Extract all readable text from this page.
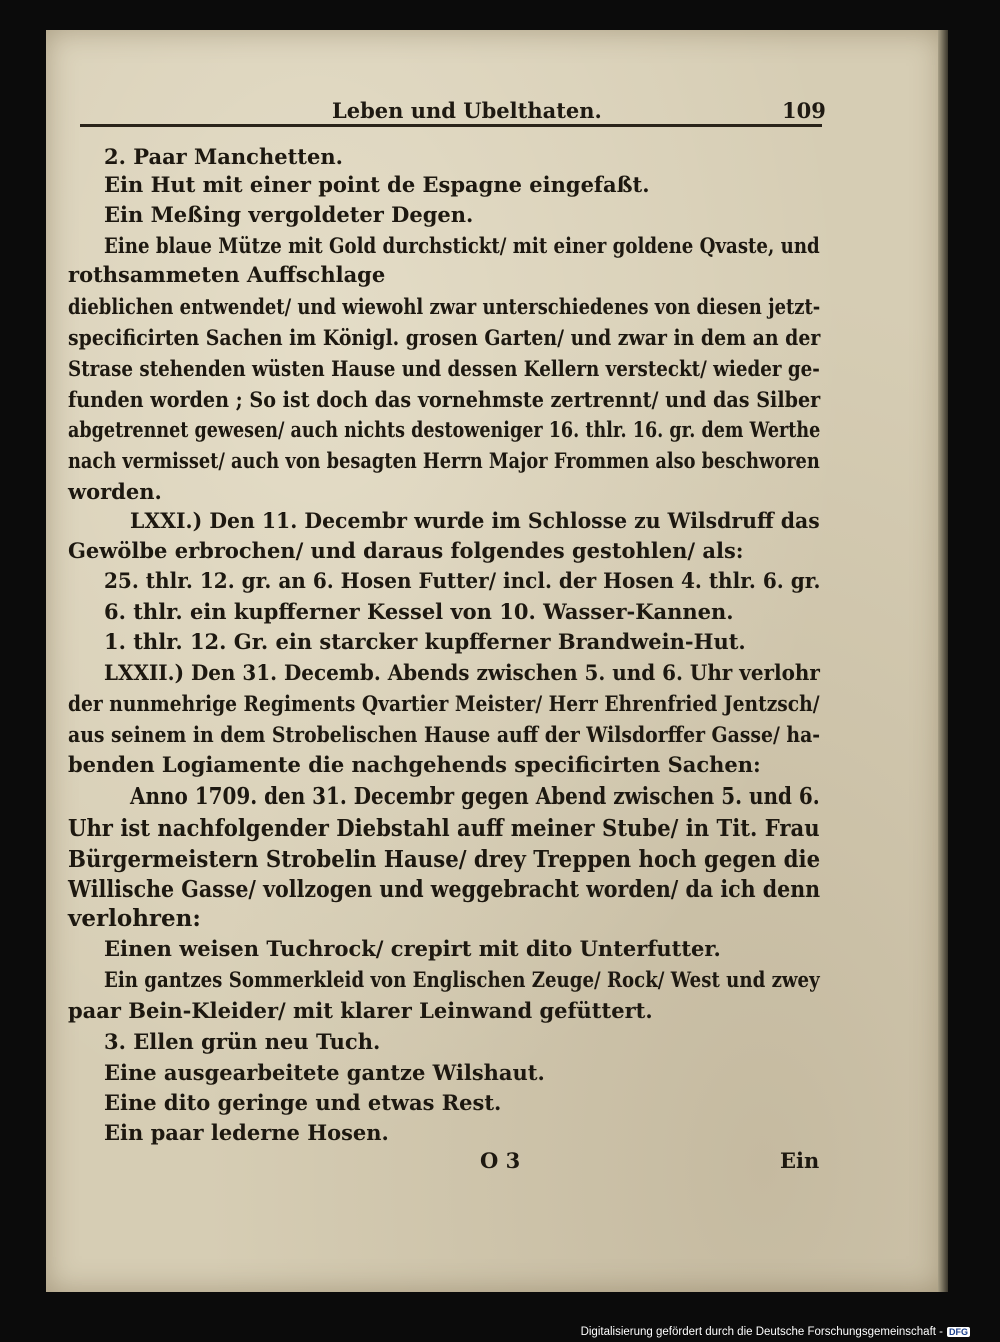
Leben und Ubelthaten.	109
2. Paar Manchetten.
Ein Hut mit einer point de Espagne eingefaßt.
Ein Meßing vergoldeter Degen.
Eine blaue Mütze mit Gold durchstickt/ mit einer goldene Qvaste, und
rothsammeten Auffschlage
dieblichen entwendet/ und wiewohl zwar unterschiedenes von diesen jetzt-
specificirten Sachen im Königl. grosen Garten/ und zwar in dem an der
Strase stehenden wüsten Hause und dessen Kellern versteckt/ wieder ge-
funden worden ; So ist doch das vornehmste zertrennt/ und das Silber
abgetrennet gewesen/ auch nichts destoweniger 16. thlr. 16. gr. dem Werthe
nach vermisset/ auch von besagten Herrn Major Frommen also beschworen
worden.
LXXI.) Den 11. Decembr wurde im Schlosse zu Wilsdruff das
Gewölbe erbrochen/ und daraus folgendes gestohlen/ als:
25. thlr. 12. gr. an 6. Hosen Futter/ incl. der Hosen 4. thlr. 6. gr.
6. thlr. ein kupfferner Kessel von 10. Wasser-Kannen.
1. thlr. 12. Gr. ein starcker kupfferner Brandwein-Hut.
LXXII.) Den 31. Decemb. Abends zwischen 5. und 6. Uhr verlohr
der nunmehrige Regiments Qvartier Meister/ Herr Ehrenfried Jentzsch/
aus seinem in dem Strobelischen Hause auff der Wilsdorffer Gasse/ ha-
benden Logiamente die nachgehends specificirten Sachen:
Anno 1709. den 31. Decembr gegen Abend zwischen 5. und 6.
Uhr ist nachfolgender Diebstahl auff meiner Stube/ in Tit. Frau
Bürgermeistern Strobelin Hause/ drey Treppen hoch gegen die
Willische Gasse/ vollzogen und weggebracht worden/ da ich denn
verlohren:
Einen weisen Tuchrock/ crepirt mit dito Unterfutter.
Ein gantzes Sommerkleid von Englischen Zeuge/ Rock/ West und zwey
paar Bein-Kleider/ mit klarer Leinwand gefüttert.
3. Ellen grün neu Tuch.
Eine ausgearbeitete gantze Wilshaut.
Eine dito geringe und etwas Rest.
Ein paar lederne Hosen.
O 3	Ein
Digitalisierung gefördert durch die Deutsche Forschungsgemeinschaft - DFG
